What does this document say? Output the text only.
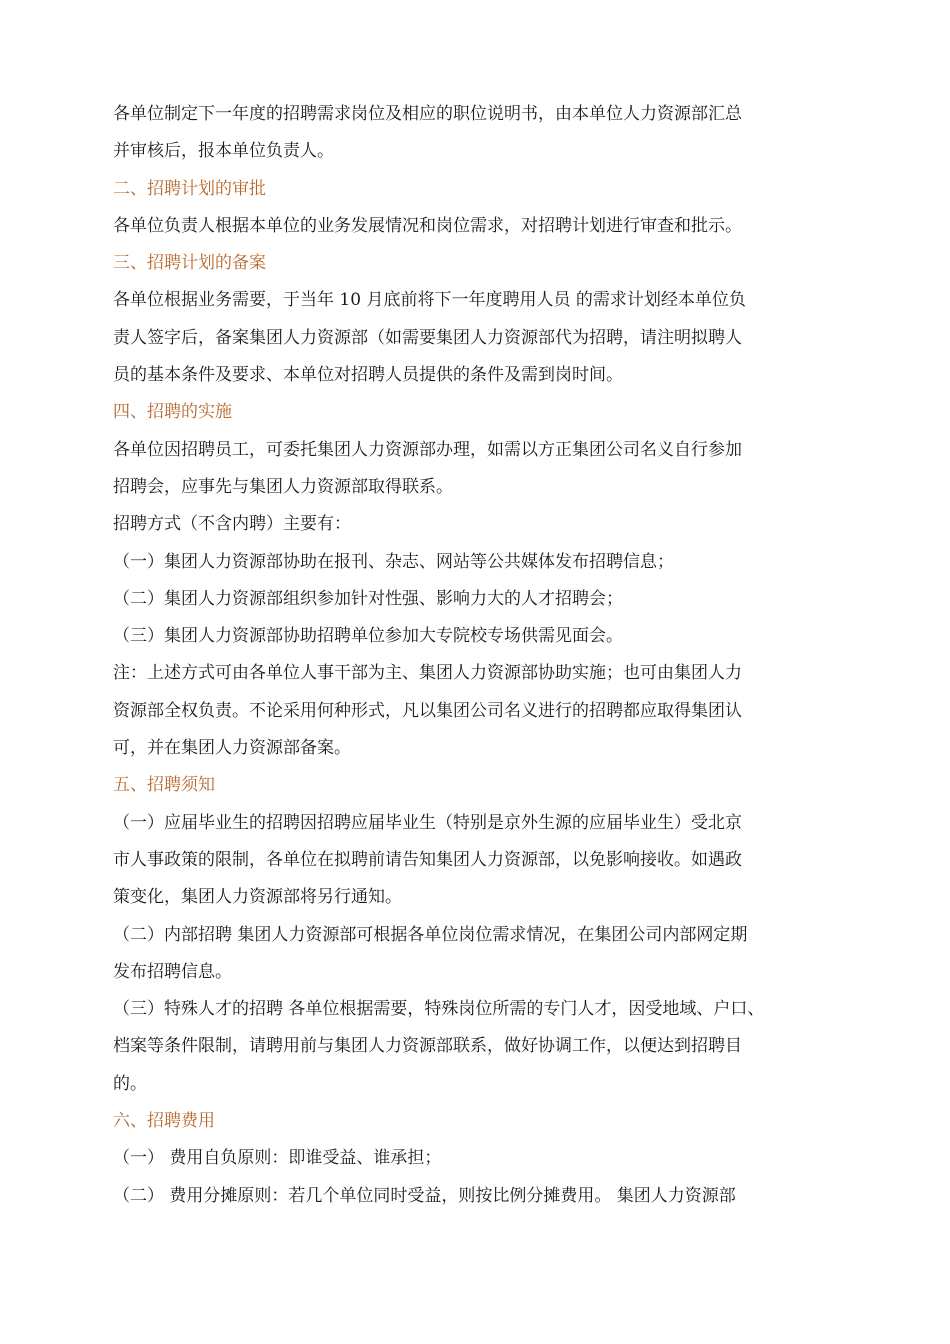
各单位制定下一年度的招聘需求岗位及相应的职位说明书，由本单位人力资源部汇总
并审核后，报本单位负责人。
二、招聘计划的审批
各单位负责人根据本单位的业务发展情况和岗位需求，对招聘计划进行审查和批示。
三、招聘计划的备案
各单位根据业务需要，于当年 10 月底前将下一年度聘用人员 的需求计划经本单位负
责人签字后，备案集团人力资源部（如需要集团人力资源部代为招聘，请注明拟聘人
员的基本条件及要求、本单位对招聘人员提供的条件及需到岗时间。
四、招聘的实施
各单位因招聘员工，可委托集团人力资源部办理，如需以方正集团公司名义自行参加
招聘会，应事先与集团人力资源部取得联系。
招聘方式（不含内聘）主要有：
（一）集团人力资源部协助在报刊、杂志、网站等公共媒体发布招聘信息；
（二）集团人力资源部组织参加针对性强、影响力大的人才招聘会；
（三）集团人力资源部协助招聘单位参加大专院校专场供需见面会。
注：上述方式可由各单位人事干部为主、集团人力资源部协助实施；也可由集团人力
资源部全权负责。不论采用何种形式，凡以集团公司名义进行的招聘都应取得集团认
可，并在集团人力资源部备案。
五、招聘须知
（一）应届毕业生的招聘因招聘应届毕业生（特别是京外生源的应届毕业生）受北京
市人事政策的限制，各单位在拟聘前请告知集团人力资源部，以免影响接收。如遇政
策变化，集团人力资源部将另行通知。
（二）内部招聘 集团人力资源部可根据各单位岗位需求情况，在集团公司内部网定期
发布招聘信息。
（三）特殊人才的招聘 各单位根据需要，特殊岗位所需的专门人才，因受地域、户口、
档案等条件限制，请聘用前与集团人力资源部联系，做好协调工作，以便达到招聘目
的。
六、招聘费用
（一） 费用自负原则：即谁受益、谁承担；
（二） 费用分摊原则：若几个单位同时受益，则按比例分摊费用。 集团人力资源部
